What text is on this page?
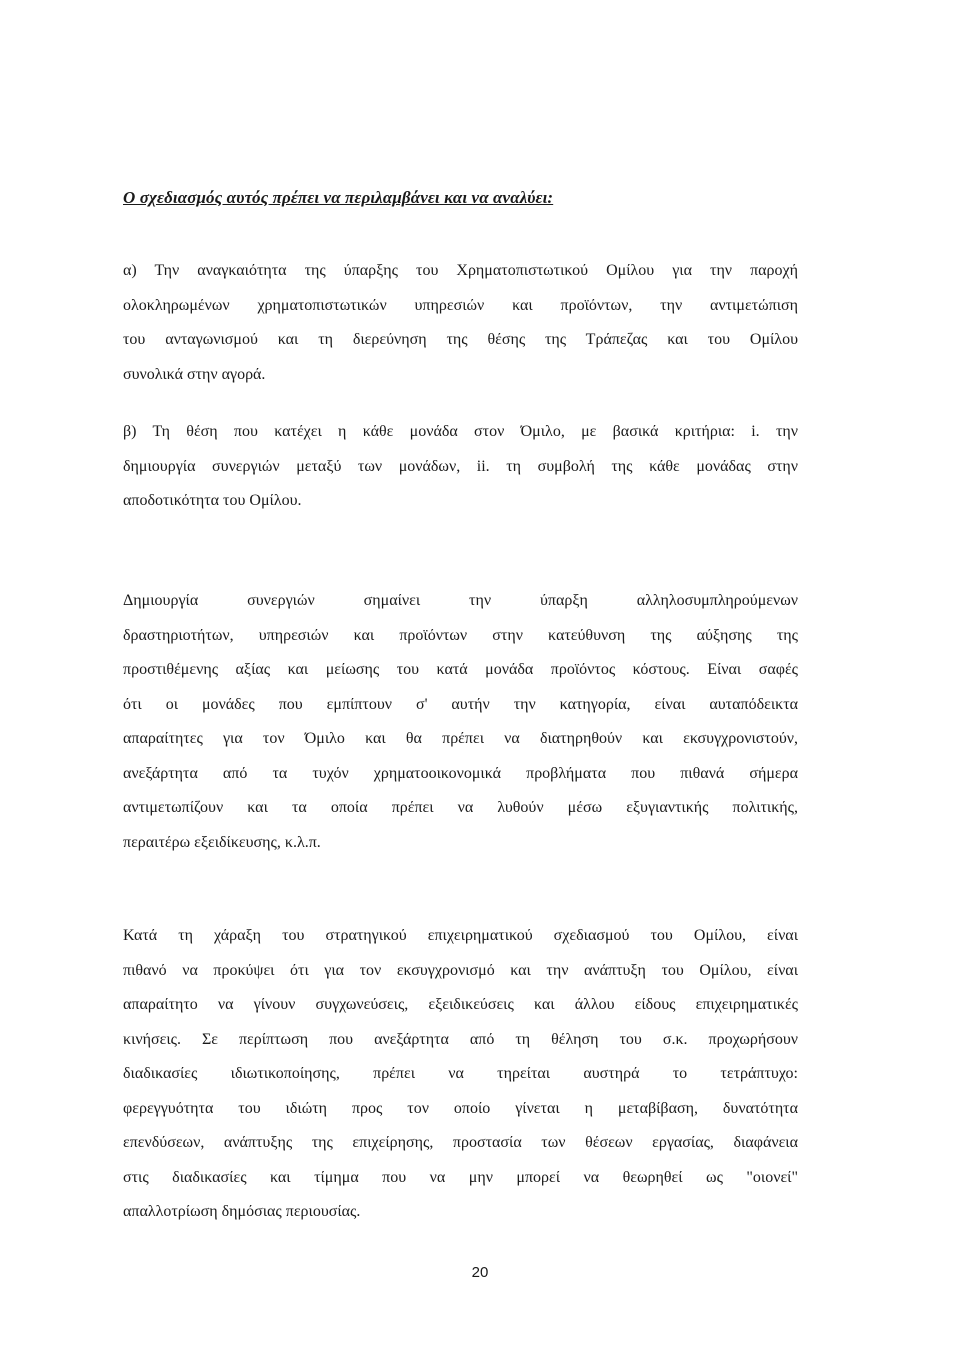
Ο σχεδιασμός αυτός πρέπει να περιλαμβάνει και να αναλύει:
α) Την αναγκαιότητα της ύπαρξης του Χρηματοπιστωτικού Ομίλου για την παροχή
ολοκληρωμένων χρηματοπιστωτικών υπηρεσιών και προϊόντων, την αντιμετώπιση
του ανταγωνισμού και τη διερεύνηση της θέσης της Τράπεζας και του Ομίλου
συνολικά στην αγορά.
β) Τη θέση που κατέχει η κάθε μονάδα στον Όμιλο, με βασικά κριτήρια: i. την
δημιουργία συνεργιών μεταξύ των μονάδων, ii. τη συμβολή της κάθε μονάδας στην
αποδοτικότητα του Ομίλου.
Δημιουργία συνεργιών σημαίνει την ύπαρξη αλληλοσυμπληρούμενων
δραστηριοτήτων, υπηρεσιών και προϊόντων στην κατεύθυνση της αύξησης της
προστιθέμενης αξίας και μείωσης του κατά μονάδα προϊόντος κόστους. Είναι σαφές
ότι οι μονάδες που εμπίπτουν σ' αυτήν την κατηγορία, είναι αυταπόδεικτα
απαραίτητες για τον Όμιλο και θα πρέπει να διατηρηθούν και εκσυγχρονιστούν,
ανεξάρτητα από τα τυχόν χρηματοοικονομικά προβλήματα που πιθανά σήμερα
αντιμετωπίζουν και τα οποία πρέπει να λυθούν μέσω εξυγιαντικής πολιτικής,
περαιτέρω εξειδίκευσης, κ.λ.π.
Κατά τη χάραξη του στρατηγικού επιχειρηματικού σχεδιασμού του Ομίλου, είναι
πιθανό να προκύψει ότι για τον εκσυγχρονισμό και την ανάπτυξη του Ομίλου, είναι
απαραίτητο να γίνουν συγχωνεύσεις, εξειδικεύσεις και άλλου είδους επιχειρηματικές
κινήσεις. Σε περίπτωση που ανεξάρτητα από τη θέληση του σ.κ. προχωρήσουν
διαδικασίες ιδιωτικοποίησης, πρέπει να τηρείται αυστηρά το τετράπτυχο:
φερεγγυότητα του ιδιώτη προς τον οποίο γίνεται η μεταβίβαση, δυνατότητα
επενδύσεων, ανάπτυξης της επιχείρησης, προστασία των θέσεων εργασίας, διαφάνεια
στις διαδικασίες και τίμημα που να μην μπορεί να θεωρηθεί ως "οιονεί"
απαλλοτρίωση δημόσιας περιουσίας.
20
